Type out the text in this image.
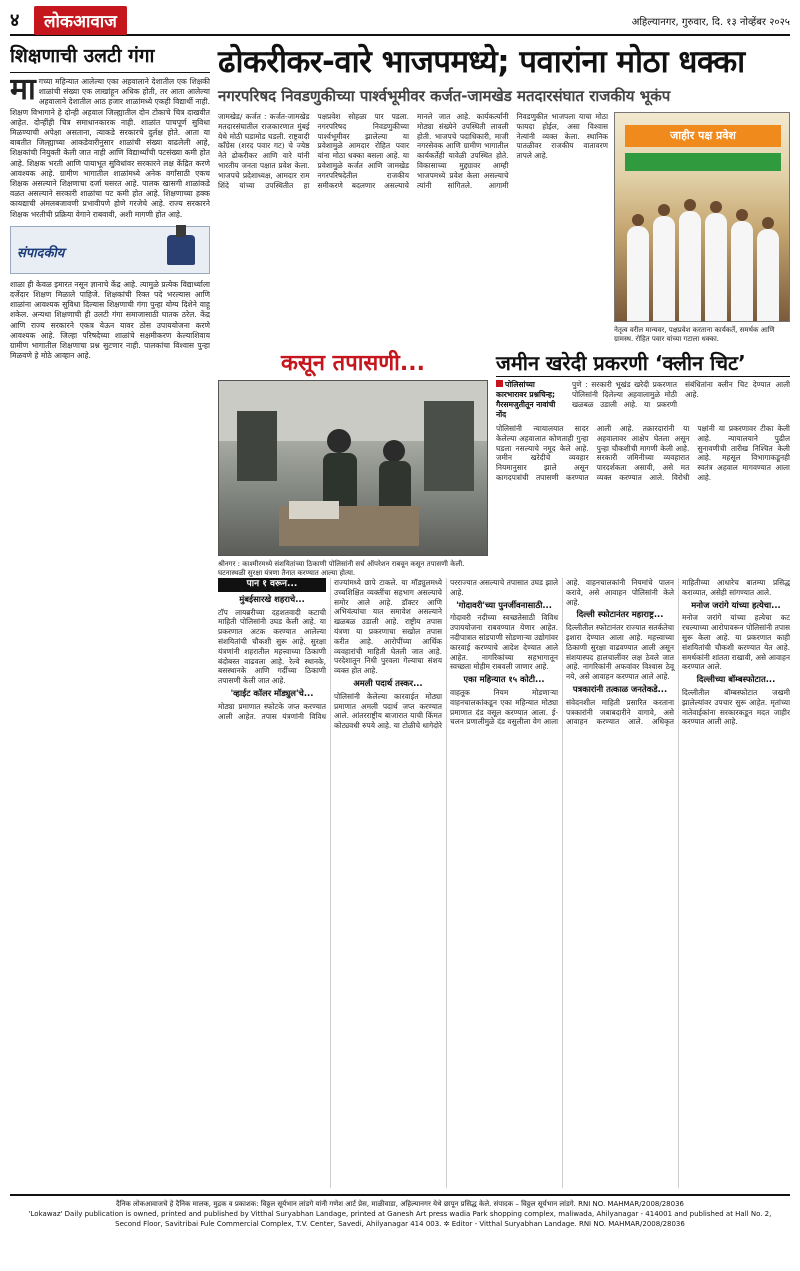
४	लोकआवाज	अहिल्यानगर, गुरुवार, दि. १३ नोव्हेंबर २०२५
शिक्षणाची उलटी गंगा
मा गच्या महिन्यात आलेल्या एका अहवालाने देशातील एक शिक्षकी शाळांची संख्या एक लाखांहून अधिक होती, तर आता आलेल्या अहवालाने देशातील आठ हजार शाळांमध्ये एकही विद्यार्थी नाही. शिक्षण विभागाने हे दोन्ही अहवाल जिल्ह्यातील दोन टोकाचे चित्र दाखवीत आहेत. दोन्हींही चित्र समाधानकारक नाही. शाळांत पाचपूर्ण सुविधा मिळण्याची अपेक्षा असताना, त्याकडे सरकारचे दुर्लक्ष होते. आता या बाबतीत जिल्ह्याच्या आकडेवारीनुसार शाळांची संख्या वाढलेली आहे, शिक्षकांची नियुक्ती केली जात नाही आणि विद्यार्थ्यांची पटसंख्या कमी होत आहे. शिक्षक भरती आणि पायाभूत सुविधांवर सरकारने लक्ष केंद्रित करणे आवश्यक आहे. ग्रामीण भागातील शाळांमध्ये अनेक वर्गांसाठी एकच शिक्षक असल्याने शिक्षणाचा दर्जा घसरत आहे. पालक खासगी शाळांकडे वळत असल्याने सरकारी शाळांचा पट कमी होत आहे. शिक्षणाच्या हक्क कायद्याची अंमलबजावणी प्रभावीपणे होणे गरजेचे आहे. राज्य सरकारने शिक्षक भरतीची प्रक्रिया वेगाने राबवावी, अशी मागणी होत आहे.
संपादकीय
शाळा ही केवळ इमारत नसून ज्ञानाचे केंद्र आहे. त्यामुळे प्रत्येक विद्यार्थ्याला दर्जेदार शिक्षण मिळाले पाहिजे. शिक्षकांची रिक्त पदे भरल्यास आणि शाळांना आवश्यक सुविधा दिल्यास शिक्षणाची गंगा पुन्हा योग्य दिशेने वाहू शकेल. अन्यथा शिक्षणाची ही उलटी गंगा समाजासाठी घातक ठरेल. केंद्र आणि राज्य सरकारने एकत्र येऊन यावर ठोस उपाययोजना करणे आवश्यक आहे. जिल्हा परिषदेच्या शाळांचे सक्षमीकरण केल्याशिवाय ग्रामीण भागातील शिक्षणाचा प्रश्न सुटणार नाही. पालकांचा विश्वास पुन्हा मिळवणे हे मोठे आव्हान आहे.
ढोकरीकर-वारे भाजपमध्ये; पवारांना मोठा धक्का
नगरपरिषद निवडणुकीच्या पार्श्वभूमीवर कर्जत-जामखेड मतदारसंघात राजकीय भूकंप
जामखेड/ कर्जत : कर्जत-जामखेड मतदारसंघातील राजकारणात मुंबई येथे मोठी घडामोड घडली. राष्ट्रवादी काँग्रेस (शरद पवार गट) चे ज्येष्ठ नेते ढोकरीकर आणि वारे यांनी भारतीय जनता पक्षात प्रवेश केला. भाजपचे प्रदेशाध्यक्ष, आमदार राम शिंदे यांच्या उपस्थितीत हा पक्षप्रवेश सोहळा पार पडला. नगरपरिषद निवडणुकीच्या पार्श्वभूमीवर झालेल्या या प्रवेशामुळे आमदार रोहित पवार यांना मोठा धक्का बसला आहे. या प्रवेशामुळे कर्जत आणि जामखेड नगरपरिषदेतील राजकीय समीकरणे बदलणार असल्याचे मानले जात आहे. कार्यकर्त्यांनी मोठ्या संख्येने उपस्थिती लावली होती. भाजपचे पदाधिकारी, माजी नगरसेवक आणि ग्रामीण भागातील कार्यकर्तेही यावेळी उपस्थित होते. विकासाच्या मुद्द्यावर आम्ही भाजपमध्ये प्रवेश केला असल्याचे त्यांनी सांगितले. आगामी निवडणुकीत भाजपला याचा मोठा फायदा होईल, असा विश्वास नेत्यांनी व्यक्त केला. स्थानिक पातळीवर राजकीय वातावरण तापले आहे.
जाहीर पक्ष प्रवेश
नेतृत्व वरील मान्यवर, पक्षप्रवेश करताना कार्यकर्ते, समर्थक आणि ग्रामस्थ. रोहित पवार यांच्या गटाला धक्का.
कसून तपासणी...
श्रीनगर : काश्मीरमध्ये संशयितांच्या ठिकाणी पोलिसांनी सर्च ऑपरेशन राबवून कसून तपासणी केली. घटनास्थळी सुरक्षा यंत्रणा तैनात करण्यात आल्या होत्या.
जमीन खरेदी प्रकरणी ‘क्लीन चिट’
पोलिसांच्या कारभारावर प्रश्नचिन्ह; गैरसमजुतीतून नावांची नोंद
पुणे : सरकारी भूखंड खरेदी प्रकरणात पोलिसांनी दिलेल्या अहवालामुळे मोठी खळबळ उडाली आहे. या प्रकरणी संबंधितांना क्लीन चिट देण्यात आली आहे.
पोलिसांनी न्यायालयात सादर केलेल्या अहवालात कोणताही गुन्हा घडला नसल्याचे नमूद केले आहे. जमीन खरेदीचे व्यवहार नियमानुसार झाले असून कागदपत्रांची तपासणी करण्यात आली आहे. तक्रारदारांनी या अहवालावर आक्षेप घेतला असून पुन्हा चौकशीची मागणी केली आहे. सरकारी जमिनीच्या व्यवहारात पारदर्शकता असावी, असे मत व्यक्त करण्यात आले. विरोधी पक्षांनी या प्रकरणावर टीका केली आहे. न्यायालयाने पुढील सुनावणीची तारीख निश्चित केली आहे. महसूल विभागाकडूनही स्वतंत्र अहवाल मागवण्यात आला आहे.
पान १ वरून...
मुंबईसारखे शहराचे...
टॉप लायब्ररीच्या दहशतवादी कटाची माहिती पोलिसांनी उघड केली आहे. या प्रकरणात अटक करण्यात आलेल्या संशयितांची चौकशी सुरू आहे. सुरक्षा यंत्रणांनी शहरातील महत्त्वाच्या ठिकाणी बंदोबस्त वाढवला आहे. रेल्वे स्थानके, बसस्थानके आणि गर्दीच्या ठिकाणी तपासणी केली जात आहे.
'व्हाईट कॉलर मॉड्युल'चे...
मोठ्या प्रमाणात स्फोटके जप्त करण्यात आली आहेत. तपास यंत्रणांनी विविध राज्यांमध्ये छापे टाकले. या मॉड्युलमध्ये उच्चशिक्षित व्यक्तींचा सहभाग असल्याचे समोर आले आहे. डॉक्टर आणि अभियंत्यांचा यात समावेश असल्याने खळबळ उडाली आहे. राष्ट्रीय तपास यंत्रणा या प्रकरणाचा सखोल तपास करीत आहे. आरोपींच्या आर्थिक व्यवहारांची माहिती घेतली जात आहे. परदेशातून निधी पुरवला गेल्याचा संशय व्यक्त होत आहे.
अमली पदार्थ तस्कर...
पोलिसांनी केलेल्या कारवाईत मोठ्या प्रमाणात अमली पदार्थ जप्त करण्यात आले. आंतरराष्ट्रीय बाजारात याची किंमत कोट्यवधी रुपये आहे. या टोळीचे धागेदोरे परराज्यात असल्याचे तपासात उघड झाले आहे.
'गोदावरी'च्या पुनर्जीवनासाठी...
गोदावरी नदीच्या स्वच्छतेसाठी विविध उपाययोजना राबवण्यात येणार आहेत. नदीपात्रात सांडपाणी सोडणाऱ्या उद्योगांवर कारवाई करण्याचे आदेश देण्यात आले आहेत. नागरिकांच्या सहभागातून स्वच्छता मोहीम राबवली जाणार आहे.
एका महिन्यात १५ कोटी...
वाहतूक नियम मोडणाऱ्या वाहनचालकांकडून एका महिन्यात मोठ्या प्रमाणात दंड वसूल करण्यात आला. ई-चलन प्रणालीमुळे दंड वसुलीला वेग आला आहे. वाहनचालकांनी नियमांचे पालन करावे, असे आवाहन पोलिसांनी केले आहे.
दिल्ली स्फोटानंतर महाराष्ट्र...
दिल्लीतील स्फोटानंतर राज्यात सतर्कतेचा इशारा देण्यात आला आहे. महत्त्वाच्या ठिकाणी सुरक्षा वाढवण्यात आली असून संशयास्पद हालचालींवर लक्ष ठेवले जात आहे. नागरिकांनी अफवांवर विश्वास ठेवू नये, असे आवाहन करण्यात आले आहे.
पत्रकारांनी तत्काळ जनतेकडे...
संवेदनशील माहिती प्रसारित करताना पत्रकारांनी जबाबदारीने वागावे, असे आवाहन करण्यात आले. अधिकृत माहितीच्या आधारेच बातम्या प्रसिद्ध कराव्यात, असेही सांगण्यात आले.
मनोज जरांगे यांच्या हत्येचा...
मनोज जरांगे यांच्या हत्येचा कट रचल्याच्या आरोपावरून पोलिसांनी तपास सुरू केला आहे. या प्रकरणात काही संशयितांची चौकशी करण्यात येत आहे. समर्थकांनी शांतता राखावी, असे आवाहन करण्यात आले.
दिल्लीच्या बॉम्बस्फोटात...
दिल्लीतील बॉम्बस्फोटात जखमी झालेल्यांवर उपचार सुरू आहेत. मृतांच्या नातेवाईकांना सरकारकडून मदत जाहीर करण्यात आली आहे.

दैनिक लोकआवाजचे हे दैनिक मालक, मुद्रक व प्रकाशक: विठ्ठल सूर्यभान लांडगे यांनी गणेश आर्ट प्रेस, माळीवाडा, अहिल्यानगर येथे छापून प्रसिद्ध केले. संपादक – विठ्ठल सूर्यभान लांडगे. RNI NO. MAHMAR/2008/28036

'Lokawaz' Daily publication is owned, printed and published by Vitthal Suryabhan Landage, printed at Ganesh Art press wadia Park shopping complex, maliwada, Ahilyanagar - 414001 and published at Hall No. 2,

Second Floor, Savitribai Fule Commercial Complex, T.V. Center, Savedi, Ahilyanagar 414 003. ✲ Editor - Vitthal Suryabhan Landage. RNI NO. MAHMAR/2008/28036
